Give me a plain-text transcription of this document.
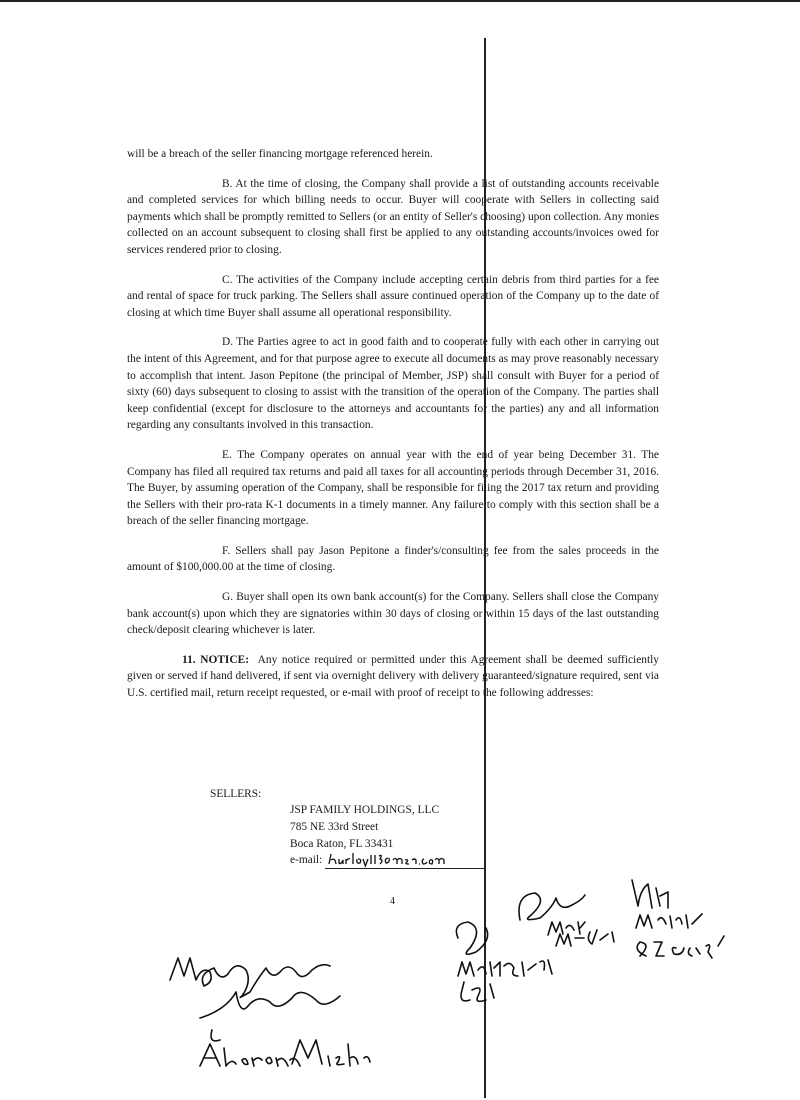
will be a breach of the seller financing mortgage referenced herein.

B. At the time of closing, the Company shall provide a list of outstanding accounts receivable and completed services for which billing needs to occur. Buyer will cooperate with Sellers in collecting said payments which shall be promptly remitted to Sellers (or an entity of Seller's choosing) upon collection. Any monies collected on an account subsequent to closing shall first be applied to any outstanding accounts/invoices owed for services rendered prior to closing.

C. The activities of the Company include accepting certain debris from third parties for a fee and rental of space for truck parking. The Sellers shall assure continued operation of the Company up to the date of closing at which time Buyer shall assume all operational responsibility.

D. The Parties agree to act in good faith and to cooperate fully with each other in carrying out the intent of this Agreement, and for that purpose agree to execute all documents as may prove reasonably necessary to accomplish that intent. Jason Pepitone (the principal of Member, JSP) shall consult with Buyer for a period of sixty (60) days subsequent to closing to assist with the transition of the operation of the Company. The parties shall keep confidential (except for disclosure to the attorneys and accountants for the parties) any and all information regarding any consultants involved in this transaction.

E. The Company operates on annual year with the end of year being December 31. The Company has filed all required tax returns and paid all taxes for all accounting periods through December 31, 2016. The Buyer, by assuming operation of the Company, shall be responsible for filing the 2017 tax return and providing the Sellers with their pro-rata K-1 documents in a timely manner. Any failure to comply with this section shall be a breach of the seller financing mortgage.

F. Sellers shall pay Jason Pepitone a finder's/consulting fee from the sales proceeds in the amount of $100,000.00 at the time of closing.

G. Buyer shall open its own bank account(s) for the Company. Sellers shall close the Company bank account(s) upon which they are signatories within 30 days of closing or within 15 days of the last outstanding check/deposit clearing whichever is later.

11. NOTICE: Any notice required or permitted under this Agreement shall be deemed sufficiently given or served if hand delivered, if sent via overnight delivery with delivery guaranteed/signature required, sent via U.S. certified mail, return receipt requested, or e-mail with proof of receipt to the following addresses:

SELLERS:
JSP FAMILY HOLDINGS, LLC
785 NE 33rd Street
Boca Raton, FL 33431
e-mail:
4
